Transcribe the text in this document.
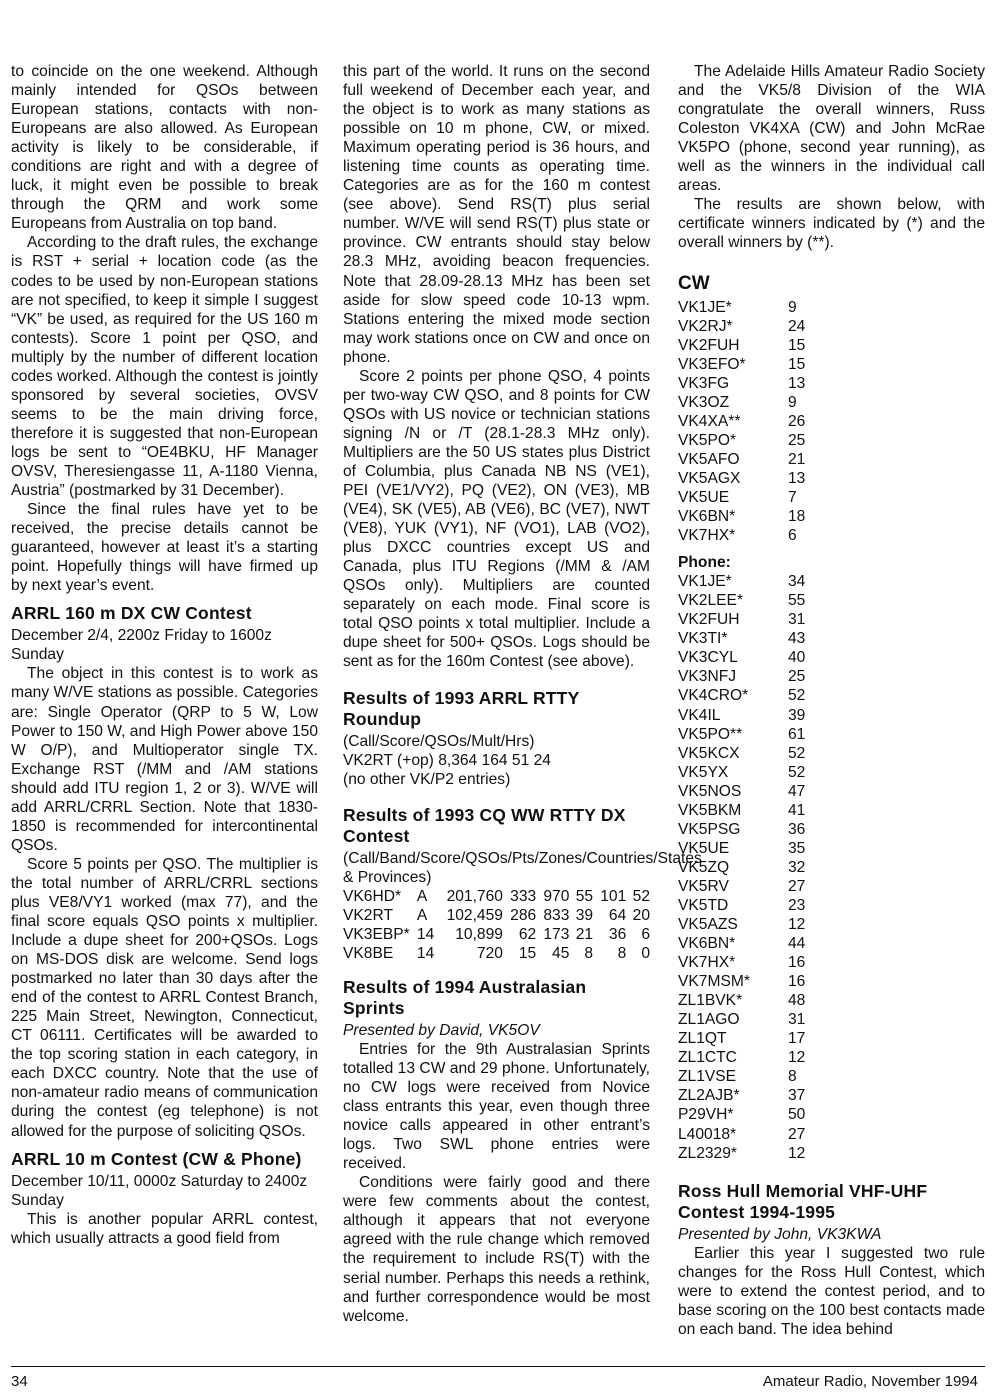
to coincide on the one weekend. Although mainly intended for QSOs between European stations, contacts with non-Europeans are also allowed. As European activity is likely to be considerable, if conditions are right and with a degree of luck, it might even be possible to break through the QRM and work some Europeans from Australia on top band.

According to the draft rules, the exchange is RST + serial + location code (as the codes to be used by non-European stations are not specified, to keep it simple I suggest “VK” be used, as required for the US 160 m contests). Score 1 point per QSO, and multiply by the number of different location codes worked. Although the contest is jointly sponsored by several societies, OVSV seems to be the main driving force, therefore it is suggested that non-European logs be sent to “OE4BKU, HF Manager OVSV, Theresiengasse 11, A-1180 Vienna, Austria” (postmarked by 31 December).

Since the final rules have yet to be received, the precise details cannot be guaranteed, however at least it’s a starting point. Hopefully things will have firmed up by next year’s event.

ARRL 160 m DX CW Contest

December 2/4, 2200z Friday to 1600z Sunday

The object in this contest is to work as many W/VE stations as possible. Categories are: Single Operator (QRP to 5 W, Low Power to 150 W, and High Power above 150 W O/P), and Multioperator single TX. Exchange RST (/MM and /AM stations should add ITU region 1, 2 or 3). W/VE will add ARRL/CRRL Section. Note that 1830-1850 is recommended for intercontinental QSOs.

Score 5 points per QSO. The multiplier is the total number of ARRL/CRRL sections plus VE8/VY1 worked (max 77), and the final score equals QSO points x multiplier. Include a dupe sheet for 200+QSOs. Logs on MS-DOS disk are welcome. Send logs postmarked no later than 30 days after the end of the contest to ARRL Contest Branch, 225 Main Street, Newington, Connecticut, CT 06111. Certificates will be awarded to the top scoring station in each category, in each DXCC country. Note that the use of non-amateur radio means of communication during the contest (eg telephone) is not allowed for the purpose of soliciting QSOs.

ARRL 10 m Contest (CW & Phone)

December 10/11, 0000z Saturday to 2400z Sunday

This is another popular ARRL contest, which usually attracts a good field from

this part of the world. It runs on the second full weekend of December each year, and the object is to work as many stations as possible on 10 m phone, CW, or mixed. Maximum operating period is 36 hours, and listening time counts as operating time. Categories are as for the 160 m contest (see above). Send RS(T) plus serial number. W/VE will send RS(T) plus state or province. CW entrants should stay below 28.3 MHz, avoiding beacon frequencies. Note that 28.09-28.13 MHz has been set aside for slow speed code 10-13 wpm. Stations entering the mixed mode section may work stations once on CW and once on phone.

Score 2 points per phone QSO, 4 points per two-way CW QSO, and 8 points for CW QSOs with US novice or technician stations signing /N or /T (28.1-28.3 MHz only). Multipliers are the 50 US states plus District of Columbia, plus Canada NB NS (VE1), PEI (VE1/VY2), PQ (VE2), ON (VE3), MB (VE4), SK (VE5), AB (VE6), BC (VE7), NWT (VE8), YUK (VY1), NF (VO1), LAB (VO2), plus DXCC countries except US and Canada, plus ITU Regions (/MM & /AM QSOs only). Multipliers are counted separately on each mode. Final score is total QSO points x total multiplier. Include a dupe sheet for 500+ QSOs. Logs should be sent as for the 160m Contest (see above).

Results of 1993 ARRL RTTY Roundup

(Call/Score/QSOs/Mult/Hrs)

VK2RT (+op) 8,364 164 51 24

(no other VK/P2 entries)

Results of 1993 CQ WW RTTY DX Contest

(Call/Band/Score/QSOs/Pts/Zones/Countries/States & Provinces)

VK6HD*	A	201,760	333	970	55	101	52
VK2RT	A	102,459	286	833	39	64	20
VK3EBP*	14	10,899	62	173	21	36	6
VK8BE	14	720	15	45	8	8	0
Results of 1994 Australasian Sprints

Presented by David, VK5OV

Entries for the 9th Australasian Sprints totalled 13 CW and 29 phone. Unfortunately, no CW logs were received from Novice class entrants this year, even though three novice calls appeared in other entrant’s logs. Two SWL phone entries were received.

Conditions were fairly good and there were few comments about the contest, although it appears that not everyone agreed with the rule change which removed the requirement to include RS(T) with the serial number. Perhaps this needs a rethink, and further correspondence would be most welcome.

The Adelaide Hills Amateur Radio Society and the VK5/8 Division of the WIA congratulate the overall winners, Russ Coleston VK4XA (CW) and John McRae VK5PO (phone, second year running), as well as the winners in the individual call areas.

The results are shown below, with certificate winners indicated by (*) and the overall winners by (**).

CW
VK1JE*	9
VK2RJ*	24
VK2FUH	15
VK3EFO*	15
VK3FG	13
VK3OZ	9
VK4XA**	26
VK5PO*	25
VK5AFO	21
VK5AGX	13
VK5UE	7
VK6BN*	18
VK7HX*	6
Phone:
VK1JE*	34
VK2LEE*	55
VK2FUH	31
VK3TI*	43
VK3CYL	40
VK3NFJ	25
VK4CRO*	52
VK4IL	39
VK5PO**	61
VK5KCX	52
VK5YX	52
VK5NOS	47
VK5BKM	41
VK5PSG	36
VK5UE	35
VK5ZQ	32
VK5RV	27
VK5TD	23
VK5AZS	12
VK6BN*	44
VK7HX*	16
VK7MSM*	16
ZL1BVK*	48
ZL1AGO	31
ZL1QT	17
ZL1CTC	12
ZL1VSE	8
ZL2AJB*	37
P29VH*	50
L40018*	27
ZL2329*	12
Ross Hull Memorial VHF-UHF Contest 1994-1995

Presented by John, VK3KWA

Earlier this year I suggested two rule changes for the Ross Hull Contest, which were to extend the contest period, and to base scoring on the 100 best contacts made on each band. The idea behind

34	Amateur Radio, November 1994
